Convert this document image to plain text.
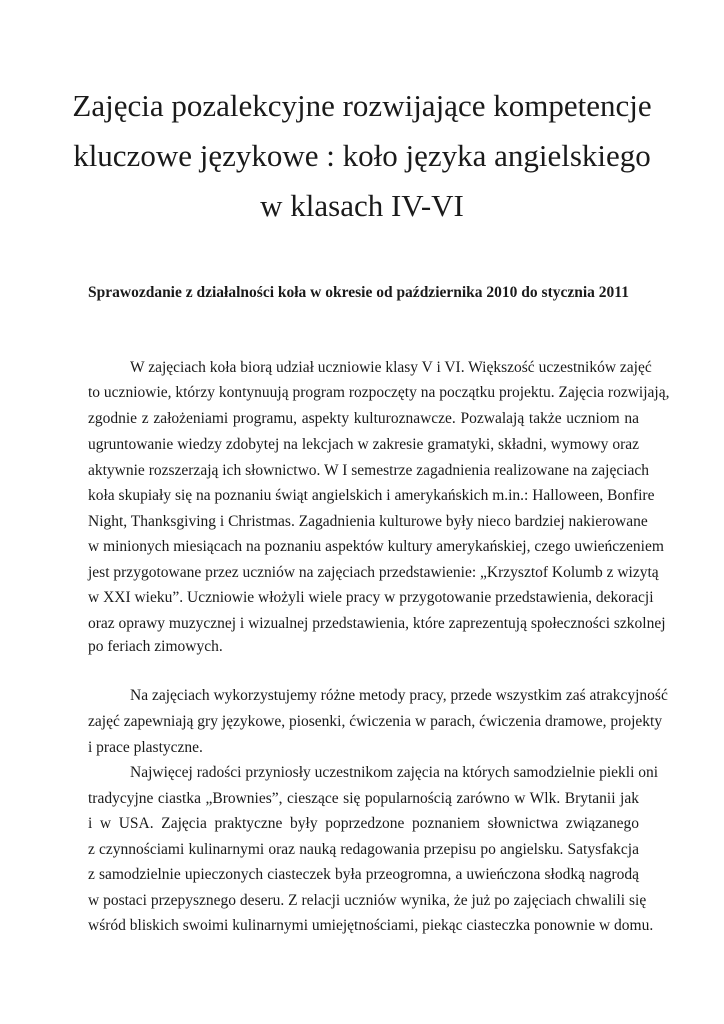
Zajęcia pozalekcyjne rozwijające kompetencje
kluczowe językowe : koło języka angielskiego
w klasach IV-VI

Sprawozdanie z działalności koła w okresie od października 2010 do stycznia 2011

W zajęciach koła biorą udział uczniowie klasy V i VI. Większość uczestników zajęć

to uczniowie, którzy kontynuują program rozpoczęty na początku projektu. Zajęcia rozwijają,

zgodnie z założeniami programu, aspekty kulturoznawcze. Pozwalają także uczniom na

ugruntowanie wiedzy zdobytej na lekcjach w zakresie gramatyki, składni, wymowy oraz

aktywnie rozszerzają ich słownictwo. W I semestrze zagadnienia realizowane na zajęciach

koła skupiały się na poznaniu świąt angielskich i amerykańskich m.in.: Halloween, Bonfire

Night, Thanksgiving i Christmas. Zagadnienia kulturowe były nieco bardziej nakierowane

w minionych miesiącach na poznaniu aspektów kultury amerykańskiej, czego uwieńczeniem

jest przygotowane przez uczniów na zajęciach przedstawienie: „Krzysztof Kolumb z wizytą

w XXI wieku”. Uczniowie włożyli wiele pracy w przygotowanie przedstawienia, dekoracji

oraz oprawy muzycznej i wizualnej przedstawienia, które zaprezentują społeczności szkolnej

po feriach zimowych.

Na zajęciach wykorzystujemy różne metody pracy, przede wszystkim zaś atrakcyjność

zajęć zapewniają gry językowe, piosenki, ćwiczenia w parach, ćwiczenia dramowe, projekty

i prace plastyczne.

Najwięcej radości przyniosły uczestnikom zajęcia na których samodzielnie piekli oni

tradycyjne ciastka „Brownies”, cieszące się popularnością zarówno w Wlk. Brytanii jak

i w USA. Zajęcia praktyczne były poprzedzone poznaniem słownictwa związanego

z czynnościami kulinarnymi oraz nauką redagowania przepisu po angielsku. Satysfakcja

z samodzielnie upieczonych ciasteczek była przeogromna, a uwieńczona słodką nagrodą

w postaci przepysznego deseru. Z relacji uczniów wynika, że już po zajęciach chwalili się

wśród bliskich swoimi kulinarnymi umiejętnościami, piekąc ciasteczka ponownie w domu.
